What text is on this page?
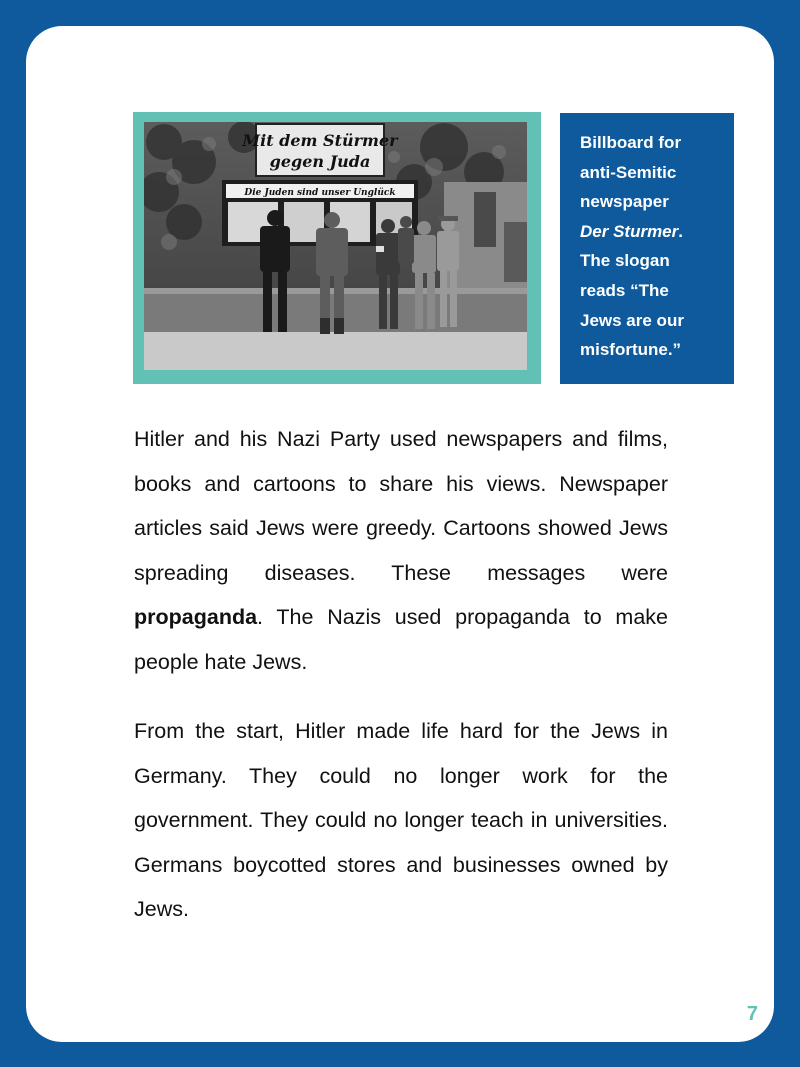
Mit dem Stürmer
gegen Juda
Die Juden sind unser Unglück
Billboard for
anti-Semitic
newspaper
Der Sturmer.
The slogan
reads “The
Jews are our
misfortune.”

Hitler and his Nazi Party used newspapers and films, books and cartoons to share his views. Newspaper articles said Jews were greedy. Cartoons showed Jews spreading diseases. These messages were propaganda. The Nazis used propaganda to make people hate Jews.

From the start, Hitler made life hard for the Jews in Germany. They could no longer work for the government. They could no longer teach in universities. Germans boycotted stores and businesses owned by Jews.

7
